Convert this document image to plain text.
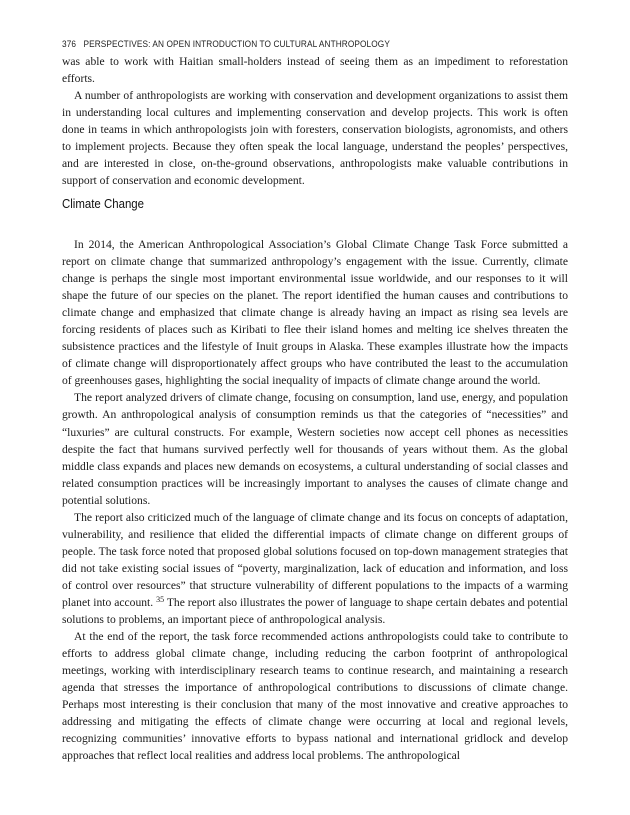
376 PERSPECTIVES: AN OPEN INTRODUCTION TO CULTURAL ANTHROPOLOGY

was able to work with Haitian small-holders instead of seeing them as an impediment to reforestation efforts.

A number of anthropologists are working with conservation and development organizations to assist them in understanding local cultures and implementing conservation and develop projects. This work is often done in teams in which anthropologists join with foresters, conservation biologists, agronomists, and others to implement projects. Because they often speak the local language, understand the peoples’ perspectives, and are interested in close, on-the-ground observations, anthropologists make valuable contributions in support of conservation and economic development.

Climate Change

In 2014, the American Anthropological Association’s Global Climate Change Task Force submitted a report on climate change that summarized anthropology’s engagement with the issue. Currently, climate change is perhaps the single most important environmental issue worldwide, and our responses to it will shape the future of our species on the planet. The report identified the human causes and contributions to climate change and emphasized that climate change is already having an impact as rising sea levels are forcing residents of places such as Kiribati to flee their island homes and melting ice shelves threaten the subsistence practices and the lifestyle of Inuit groups in Alaska. These examples illustrate how the impacts of climate change will disproportionately affect groups who have contributed the least to the accumulation of greenhouses gases, highlighting the social inequality of impacts of climate change around the world.

The report analyzed drivers of climate change, focusing on consumption, land use, energy, and population growth. An anthropological analysis of consumption reminds us that the categories of “necessities” and “luxuries” are cultural constructs. For example, Western societies now accept cell phones as necessities despite the fact that humans survived perfectly well for thousands of years without them. As the global middle class expands and places new demands on ecosystems, a cultural understanding of social classes and related consumption practices will be increasingly important to analyses the causes of climate change and potential solutions.

The report also criticized much of the language of climate change and its focus on concepts of adaptation, vulnerability, and resilience that elided the differential impacts of climate change on different groups of people. The task force noted that proposed global solutions focused on top-down management strategies that did not take existing social issues of “poverty, marginalization, lack of education and information, and loss of control over resources” that structure vulnerability of different populations to the impacts of a warming planet into account. $^{35}$ The report also illustrates the power of language to shape certain debates and potential solutions to problems, an important piece of anthropological analysis.

At the end of the report, the task force recommended actions anthropologists could take to contribute to efforts to address global climate change, including reducing the carbon footprint of anthropological meetings, working with interdisciplinary research teams to continue research, and maintaining a research agenda that stresses the importance of anthropological contributions to discussions of climate change. Perhaps most interesting is their conclusion that many of the most innovative and creative approaches to addressing and mitigating the effects of climate change were occurring at local and regional levels, recognizing communities’ innovative efforts to bypass national and international gridlock and develop approaches that reflect local realities and address local problems. The anthropological
